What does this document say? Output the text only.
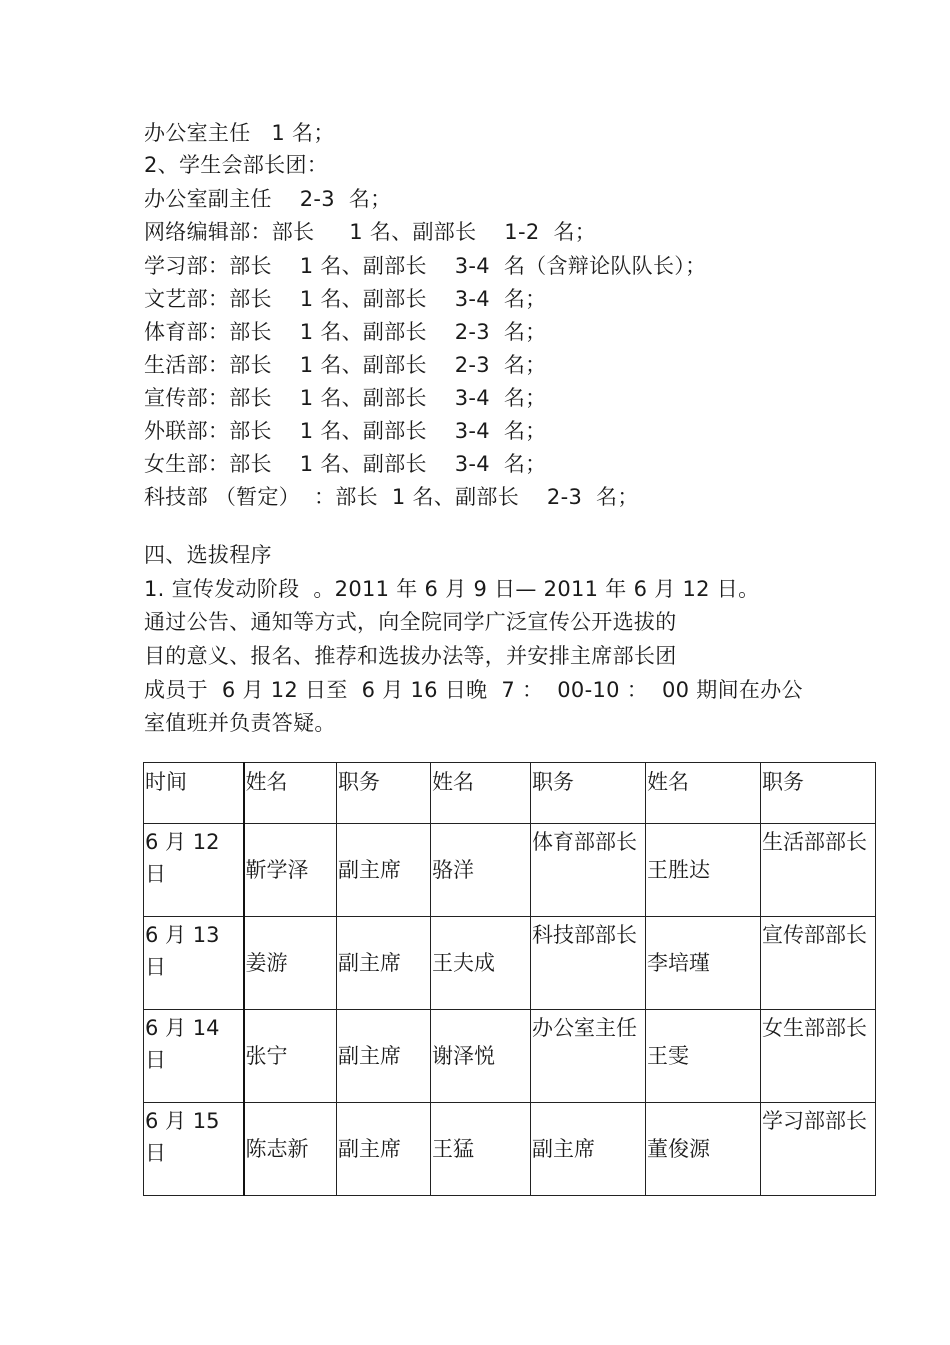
办公室主任   1 名；
2、学生会部长团：
办公室副主任    2-3  名；
网络编辑部：部长     1 名、副部长    1-2  名；
学习部：部长    1 名、副部长    3-4  名（含辩论队队长）；
文艺部：部长    1 名、副部长    3-4  名；
体育部：部长    1 名、副部长    2-3  名；
生活部：部长    1 名、副部长    2-3  名；
宣传部：部长    1 名、副部长    3-4  名；
外联部：部长    1 名、副部长    3-4  名；
女生部：部长    1 名、副部长    3-4  名；
科技部 （暂定）  ：部长  1 名、副部长    2-3  名；
四、选拔程序
1. 宣传发动阶段  。2011 年 6 月 9 日— 2011 年 6 月 12 日。
通过公告、通知等方式，向全院同学广泛宣传公开选拔的
目的意义、报名、推荐和选拔办法等，并安排主席部长团
成员于  6 月 12 日至  6 月 16 日晚  7 ：  00-10 ：  00 期间在办公
室值班并负责答疑。
时间	姓名	职务	姓名	职务	姓名	职务

6 月 12 日	靳学泽	副主席	骆洋	体育部部长	王胜达	生活部部长

6 月 13 日	姜游	副主席	王夫成	科技部部长	李培瑾	宣传部部长

6 月 14 日	张宁	副主席	谢泽悦	办公室主任	王雯	女生部部长

6 月 15 日	陈志新	副主席	王猛	副主席	董俊源	学习部部长
